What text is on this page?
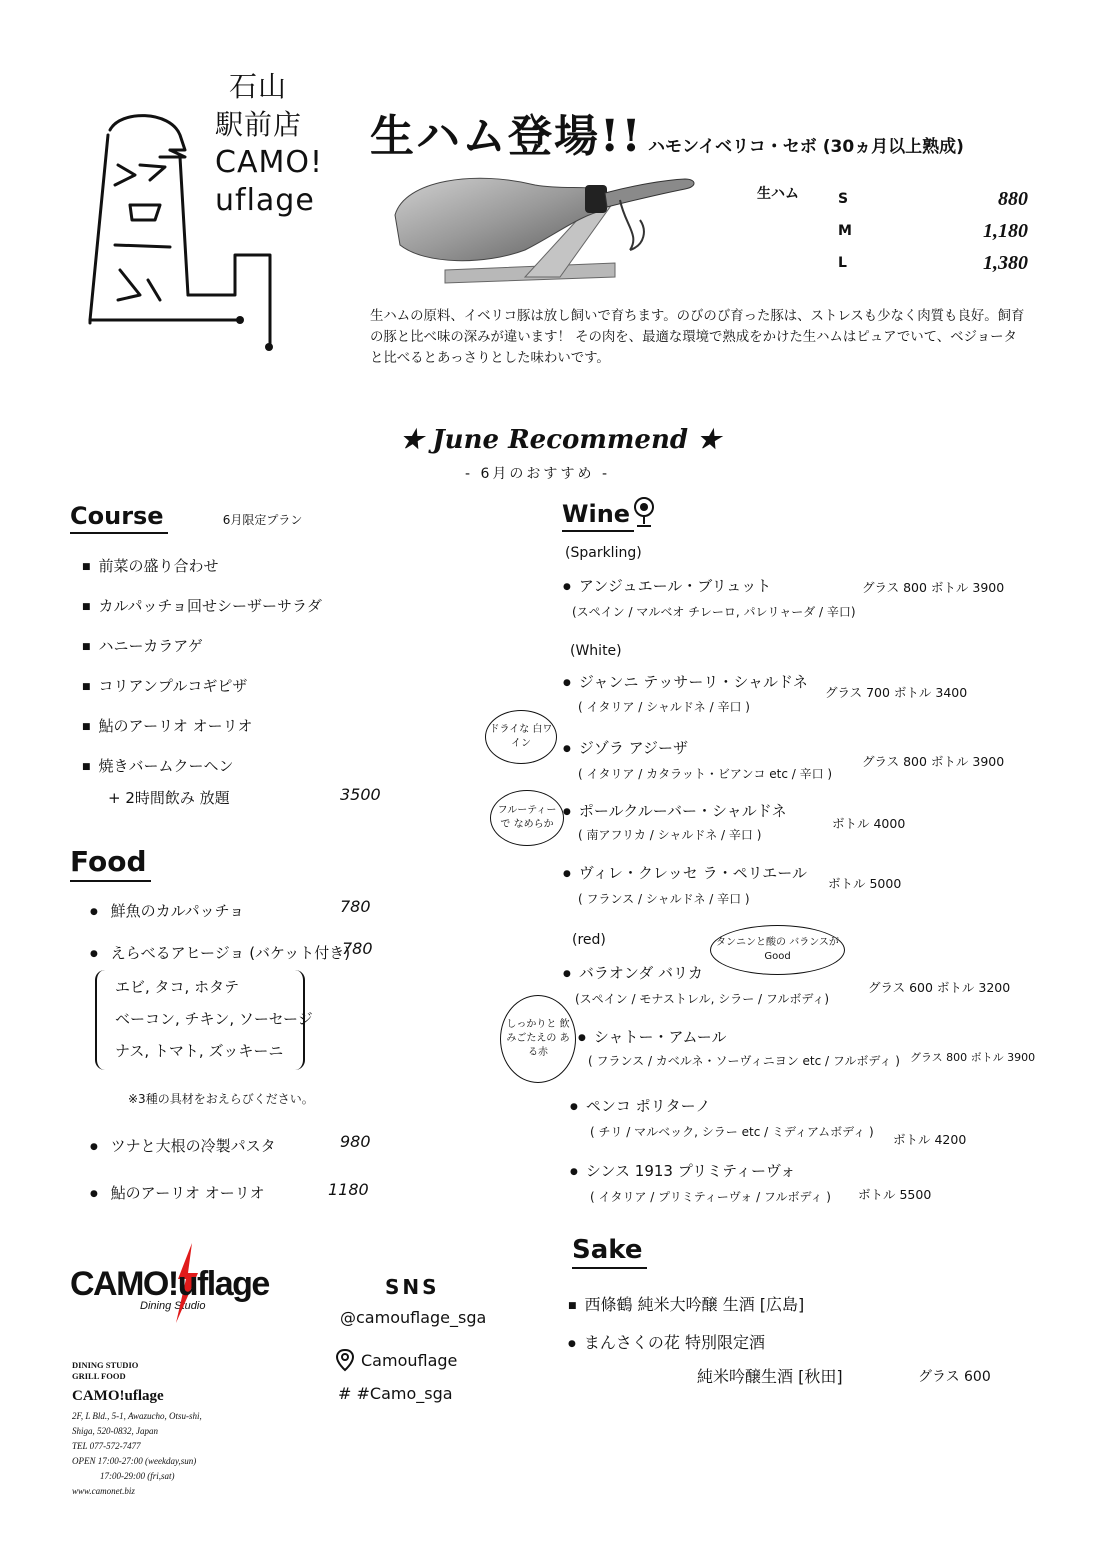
石山
駅前店
CAMO!
uflage
生ハム登場!! ハモンイベリコ・セボ (30ヵ月以上熟成)
生ハム	S	880
M	1,180
L	1,380
生ハムの原料、イベリコ豚は放し飼いで育ちます。のびのび育った豚は、ストレスも少なく肉質も良好。飼育の豚と比べ味の深みが違います！ その肉を、最適な環境で熟成をかけた生ハムはピュアでいて、ベジョータと比べるとあっさりとした味わいです。
★ June Recommend ★
- 6月のおすすめ -
Course	6月限定プラン
■ 前菜の盛り合わせ
■ カルパッチョ回せシーザーサラダ
■ ハニーカラアゲ
■ コリアンプルコギピザ
■ 鮎のアーリオ オーリオ
■ 焼きバームクーヘン
+ 2時間飲み 放題	3500
Food
● 鮮魚のカルパッチョ	780
● えらべるアヒージョ (バケット付き)
780
エビ, タコ, ホタテ
ベーコン, チキン, ソーセージ
ナス, トマト, ズッキーニ
※3種の具材をおえらびください。
● ツナと大根の冷製パスタ	980
● 鮎のアーリオ オーリオ	1180
Wine
(Sparkling)
● アンジュエール・ブリュット
(スペイン / マルベオ チレーロ, パレリャーダ / 辛口)
グラス 800 ボトル 3900
(White)
● ジャンニ テッサーリ・シャルドネ
( イタリア / シャルドネ / 辛口 )
グラス 700 ボトル 3400
● ジゾラ アジーザ
( イタリア / カタラット・ビアンコ etc / 辛口 )
グラス 800 ボトル 3900
● ポールクルーバー・シャルドネ
( 南アフリカ / シャルドネ / 辛口 )
ボトル 4000
● ヴィレ・クレッセ ラ・ペリエール
( フランス / シャルドネ / 辛口 )
ボトル 5000
(red)
● バラオンダ バリカ
(スペイン / モナストレル, シラー / フルボディ)
グラス 600 ボトル 3200
● シャトー・アムール
( フランス / カベルネ・ソーヴィニヨン etc / フルボディ ) グラス 800 ボトル 3900
● ペンコ ポリターノ
( チリ / マルベック, シラー etc / ミディアムボディ ) ボトル 4200
● シンス 1913 プリミティーヴォ
( イタリア / プリミティーヴォ / フルボディ ) ボトル 5500
ドライな 白ワイン
フルーティーで なめらか
タンニンと酸の バランスがGood
しっかりと 飲みごたえの ある赤
Sake
■ 西條鶴 純米大吟醸 生酒 [広島]
● まんさくの花 特別限定酒
純米吟醸生酒 [秋田]	グラス 600
CAMO!uflage
Dining Studio
DINING STUDIO
GRILL FOOD
CAMO!uflage
2F, L Bld., 5-1, Awazucho, Otsu-shi,
Shiga, 520-0832, Japan
TEL 077-572-7477
OPEN 17:00-27:00 (weekday,sun)
17:00-29:00 (fri,sat)
www.camonet.biz
SNS
@camouflage_sga
Camouflage
# #Camo_sga
